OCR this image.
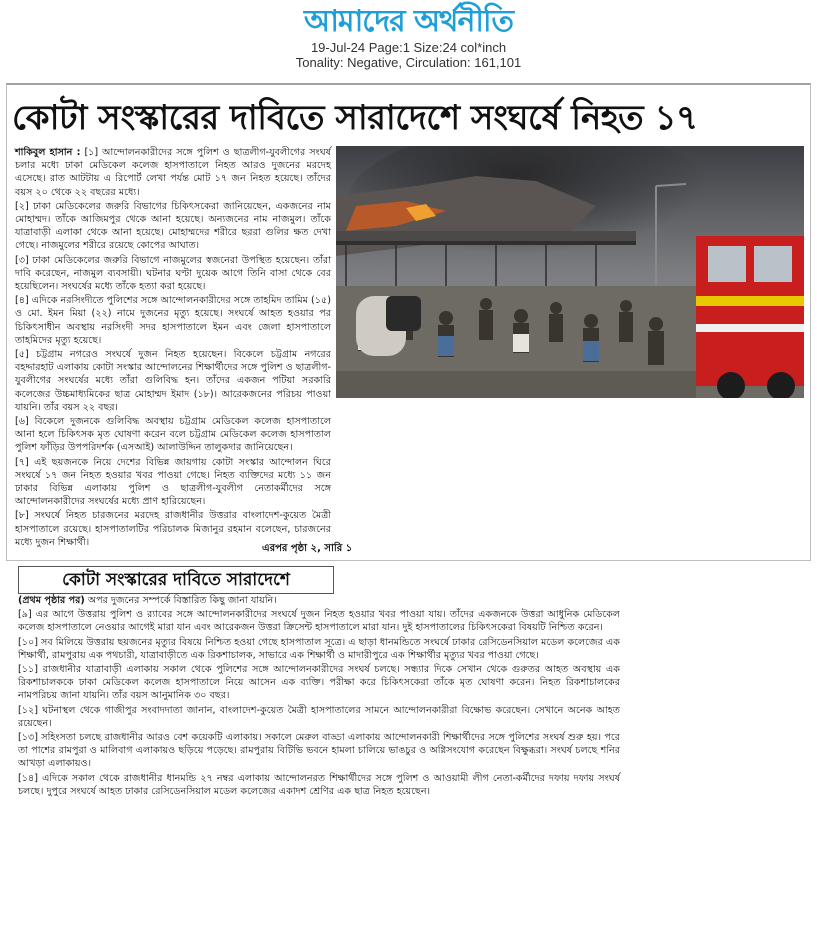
আমাদের অর্থনীতি
19-Jul-24 Page:1 Size:24 col*inch
Tonality: Negative, Circulation: 161,101
কোটা সংস্কারের দাবিতে সারাদেশে সংঘর্ষে নিহত ১৭

শাকিবুল হাসান : [১] আন্দোলনকারীদের সঙ্গে পুলিশ ও ছাত্রলীগ-যুবলীগের সংঘর্ষ চলার মধ্যে ঢাকা মেডিকেল কলেজ হাসপাতালে নিহত আরও দুজনের মরদেহ এসেছে। রাত আটটায় এ রিপোর্ট লেখা পর্যন্ত মোট ১৭ জন নিহত হয়েছে। তাঁদের বয়স ২০ থেকে ২২ বছরের মধ্যে।

[২] ঢাকা মেডিকেলের জরুরি বিভাগের চিকিৎসকেরা জানিয়েছেন, একজনের নাম মোহাম্মদ। তাঁকে আজিমপুর থেকে আনা হয়েছে। অন্যজনের নাম নাজমুল। তাঁকে যাত্রাবাড়ী এলাকা থেকে আনা হয়েছে। মোহাম্মদের শরীরে ছররা গুলির ক্ষত দেখা গেছে। নাজমুলের শরীরে রয়েছে কোপের আঘাত।

[৩] ঢাকা মেডিকেলের জরুরি বিভাগে নাজমুলের স্বজনেরা উপস্থিত হয়েছেন। তাঁরা দাবি করেছেন, নাজমুল ব্যবসায়ী। ঘটনার ঘণ্টা দুয়েক আগে তিনি বাসা থেকে বের হয়েছিলেন। সংঘর্ষের মধ্যে তাঁকে হত্যা করা হয়েছে।

[৪] এদিকে নরসিংদীতে পুলিশের সঙ্গে আন্দোলনকারীদের সঙ্গে তাহমিদ তামিম (১৫) ও মো. ইমন মিয়া (২২) নামে দুজনের মৃত্যু হয়েছে। সংঘর্ষে আহত হওয়ার পর চিকিৎসাধীন অবস্থায় নরসিংদী সদর হাসপাতালে ইমন এবং জেলা হাসপাতালে তাহমিদের মৃত্যু হয়েছে।

[৫] চট্টগ্রাম নগরেও সংঘর্ষে দুজন নিহত হয়েছেন। বিকেলে চট্টগ্রাম নগরের বহদ্দারহাট এলাকায় কোটা সংস্কার আন্দোলনের শিক্ষার্থীদের সঙ্গে পুলিশ ও ছাত্রলীগ-যুবলীগের সংঘর্ষের মধ্যে তাঁরা গুলিবিদ্ধ হন। তাঁদের একজন পটিয়া সরকারি কলেজের উচ্চমাধ্যমিকের ছাত্র মোহাম্মদ ইমাদ (১৮)। আরেকজনের পরিচয় পাওয়া যায়নি। তাঁর বয়স ২২ বছর।

[৬] বিকেলে দুজনকে গুলিবিদ্ধ অবস্থায় চট্টগ্রাম মেডিকেল কলেজ হাসপাতালে আনা হলে চিকিৎসক মৃত ঘোষণা করেন বলে চট্টগ্রাম মেডিকেল কলেজ হাসপাতাল পুলিশ ফাঁড়ির উপপরিদর্শক (এসআই) আলাউদ্দিন তালুকদার জানিয়েছেন।

[৭] এই ছয়জনকে নিয়ে দেশের বিভিন্ন জায়গায় কোটা সংস্কার আন্দোলন ঘিরে সংঘর্ষে ১৭ জন নিহত হওয়ার খবর পাওয়া গেছে। নিহত ব্যক্তিদের মধ্যে ১১ জন ঢাকার বিভিন্ন এলাকায় পুলিশ ও ছাত্রলীগ-যুবলীগ নেতাকর্মীদের সঙ্গে আন্দোলনকারীদের সংঘর্ষের মধ্যে প্রাণ হারিয়েছেন।

[৮] সংঘর্ষে নিহত চারজনের মরদেহ রাজধানীর উত্তরার বাংলাদেশ-কুয়েত মৈত্রী হাসপাতালে রয়েছে। হাসপাতালটির পরিচালক মিজানুর রহমান বলেছেন, চারজনের মধ্যে দুজন শিক্ষার্থী।

এরপর পৃষ্ঠা ২, সারি ১
কোটা সংস্কারের দাবিতে সারাদেশে

(প্রথম পৃষ্ঠার পর) অপর দুজনের সম্পর্কে বিস্তারিত কিছু জানা যায়নি।

[৯] এর আগে উত্তরায় পুলিশ ও র‍্যাবের সঙ্গে আন্দোলনকারীদের সংঘর্ষে দুজন নিহত হওয়ার খবর পাওয়া যায়। তাঁদের একজনকে উত্তরা আধুনিক মেডিকেল কলেজ হাসপাতালে নেওয়ার আগেই মারা যান এবং আরেকজন উত্তরা ক্রিসেন্ট হাসপাতালে মারা যান। দুই হাসপাতালের চিকিৎসকেরা বিষয়টি নিশ্চিত করেন।

[১০] সব মিলিয়ে উত্তরায় ছয়জনের মৃত্যুর বিষয়ে নিশ্চিত হওয়া গেছে হাসপাতাল সূত্রে। এ ছাড়া ধানমন্ডিতে সংঘর্ষে ঢাকার রেসিডেনসিয়াল মডেল কলেজের এক শিক্ষার্থী, রামপুরায় এক পথচারী, যাত্রাবাড়ীতে এক রিকশাচালক, সাভারে এক শিক্ষার্থী ও মাদারীপুরে এক শিক্ষার্থীর মৃত্যুর খবর পাওয়া গেছে।

[১১] রাজধানীর যাত্রাবাড়ী এলাকায় সকাল থেকে পুলিশের সঙ্গে আন্দোলনকারীদের সংঘর্ষ চলছে। সন্ধ্যার দিকে সেখান থেকে গুরুতর আহত অবস্থায় এক রিকশাচালককে ঢাকা মেডিকেল কলেজ হাসপাতালে নিয়ে আসেন এক ব্যক্তি। পরীক্ষা করে চিকিৎসকেরা তাঁকে মৃত ঘোষণা করেন। নিহত রিকশাচালকের নামপরিচয় জানা যায়নি। তাঁর বয়স আনুমানিক ৩০ বছর।

[১২] ঘটনাস্থল থেকে গাজীপুর সংবাদদাতা জানান, বাংলাদেশ-কুয়েত মৈত্রী হাসপাতালের সামনে আন্দোলনকারীরা বিক্ষোভ করেছেন। সেখানে অনেক আহত রয়েছেন।

[১৩] সহিংসতা চলছে রাজধানীর আরও বেশ কয়েকটি এলাকায়। সকালে মেরুল বাড্ডা এলাকায় আন্দোলনকারী শিক্ষার্থীদের সঙ্গে পুলিশের সংঘর্ষ শুরু হয়। পরে তা পাশের রামপুরা ও মালিবাগ এলাকায়ও ছড়িয়ে পড়েছে। রামপুরায় বিটিভি ভবনে হামলা চালিয়ে ভাঙচুর ও অগ্নিসংযোগ করেছেন বিক্ষুব্ধরা। সংঘর্ষ চলছে শনির আখড়া এলাকায়ও।

[১৪] এদিকে সকাল থেকে রাজধানীর ধানমন্ডি ২৭ নম্বর এলাকায় আন্দোলনরত শিক্ষার্থীদের সঙ্গে পুলিশ ও আওয়ামী লীগ নেতা-কর্মীদের দফায় দফায় সংঘর্ষ চলছে। দুপুরে সংঘর্ষে আহত ঢাকার রেসিডেনসিয়াল মডেল কলেজের একাদশ শ্রেণির এক ছাত্র নিহত হয়েছেন।
